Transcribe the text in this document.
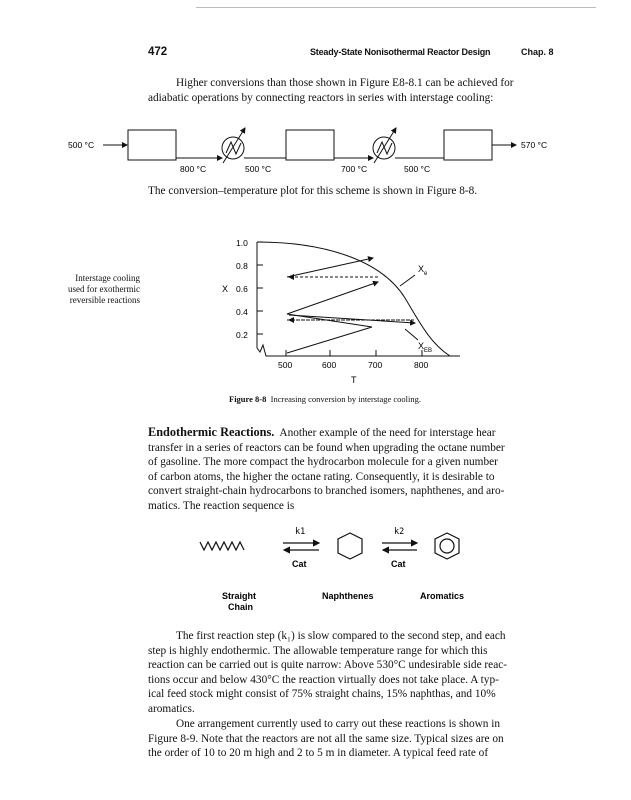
472	Steady-State Nonisothermal Reactor Design	Chap. 8
Higher conversions than those shown in Figure E8-8.1 can be achieved for
adiabatic operations by connecting reactors in series with interstage cooling:
500 °C
800 °C	500 °C	700 °C	500 °C
570 °C
The conversion–temperature plot for this scheme is shown in Figure 8-8.
Interstage cooling
used for exothermic
reversible reactions
1.0
0.8
0.6
0.4
0.2
X
500	600	700	800
T
$X_e$
$X_{EB}$
Figure 8-8 Increasing conversion by interstage cooling.
Endothermic Reactions. Another example of the need for interstage hear
transfer in a series of reactors can be found when upgrading the octane number
of gasoline. The more compact the hydrocarbon molecule for a given number
of carbon atoms, the higher the octane rating. Consequently, it is desirable to
convert straight-chain hydrocarbons to branched isomers, naphthenes, and aro-
matics. The reaction sequence is
k1	k2
Cat	Cat
Straight
Chain
Naphthenes	Aromatics
The first reaction step (k₁) is slow compared to the second step, and each
step is highly endothermic. The allowable temperature range for which this
reaction can be carried out is quite narrow: Above 530°C undesirable side reac-
tions occur and below 430°C the reaction virtually does not take place. A typ-
ical feed stock might consist of 75% straight chains, 15% naphthas, and 10%
aromatics.
One arrangement currently used to carry out these reactions is shown in
Figure 8-9. Note that the reactors are not all the same size. Typical sizes are on
the order of 10 to 20 m high and 2 to 5 m in diameter. A typical feed rate of
